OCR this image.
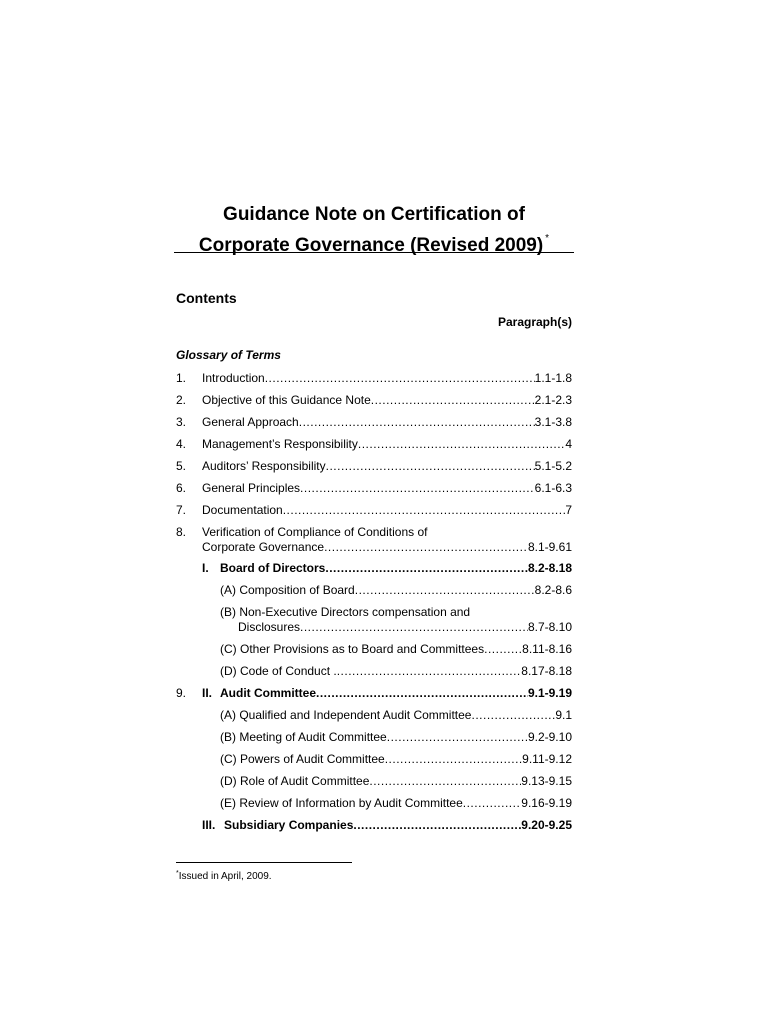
Guidance Note on Certification of
Corporate Governance (Revised 2009) *
Contents
Paragraph(s)
Glossary of Terms
1. Introduction .....	1.1-1.8
2. Objective of this Guidance Note .....	2.1-2.3
3. General Approach .....	3.1-3.8
4. Management’s Responsibility .....	4
5. Auditors’ Responsibility .....	5.1-5.2
6. General Principles .....	6.1-6.3
7. Documentation .....	7
8. Verification of Compliance of Conditions of
Corporate Governance .....	8.1-9.61
I. Board of Directors .....	8.2-8.18
(A) Composition of Board .....	8.2-8.6
(B) Non-Executive Directors compensation and
Disclosures .....	8.7-8.10
(C) Other Provisions as to Board and Committees .....	8.11-8.16
(D) Code of Conduct . .....	8.17-8.18
9. II. Audit Committee .....	9.1-9.19
(A) Qualified and Independent Audit Committee .....	9.1
(B) Meeting of Audit Committee .....	9.2-9.10
(C) Powers of Audit Committee .....	9.11-9.12
(D) Role of Audit Committee .....	9.13-9.15
(E) Review of Information by Audit Committee .....	9.16-9.19
III. Subsidiary Companies .....	9.20-9.25
*Issued in April, 2009.
